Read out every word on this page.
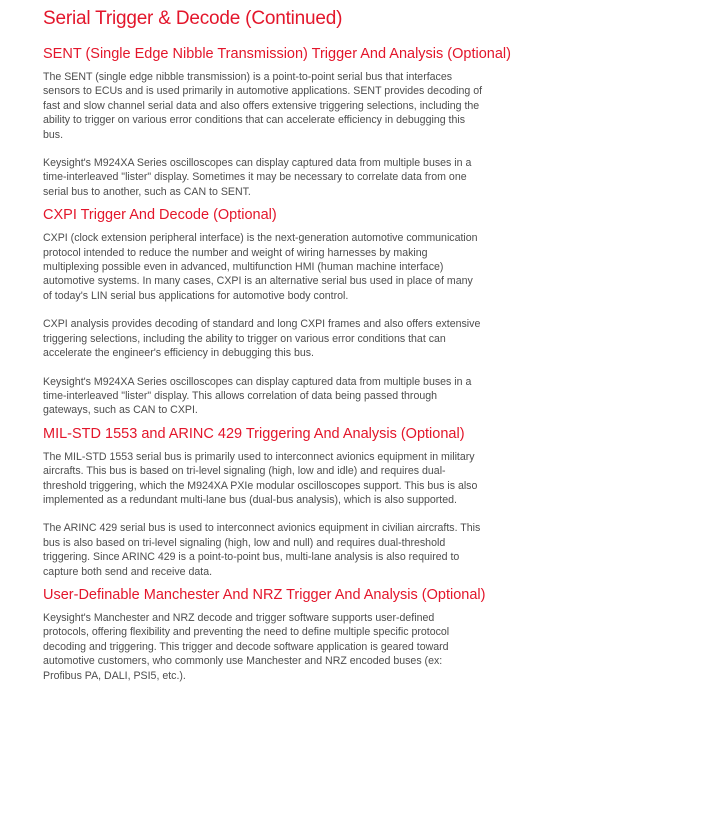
Serial Trigger & Decode (Continued)
SENT (Single Edge Nibble Transmission) Trigger And Analysis (Optional)

The SENT (single edge nibble transmission) is a point-to-point serial bus that interfaces sensors to ECUs and is used primarily in automotive applications. SENT provides decoding of fast and slow channel serial data and also offers extensive triggering selections, including the ability to trigger on various error conditions that can accelerate efficiency in debugging this bus.

Keysight's M924XA Series oscilloscopes can display captured data from multiple buses in a time-interleaved "lister" display. Sometimes it may be necessary to correlate data from one serial bus to another, such as CAN to SENT.

CXPI Trigger And Decode (Optional)

CXPI (clock extension peripheral interface) is the next-generation automotive communication protocol intended to reduce the number and weight of wiring harnesses by making multiplexing possible even in advanced, multifunction HMI (human machine interface) automotive systems. In many cases, CXPI is an alternative serial bus used in place of many of today's LIN serial bus applications for automotive body control.

CXPI analysis provides decoding of standard and long CXPI frames and also offers extensive triggering selections, including the ability to trigger on various error conditions that can accelerate the engineer's efficiency in debugging this bus.

Keysight's M924XA Series oscilloscopes can display captured data from multiple buses in a time-interleaved "lister" display. This allows correlation of data being passed through gateways, such as CAN to CXPI.

MIL-STD 1553 and ARINC 429 Triggering And Analysis (Optional)

The MIL-STD 1553 serial bus is primarily used to interconnect avionics equipment in military aircrafts. This bus is based on tri-level signaling (high, low and idle) and requires dual-threshold triggering, which the M924XA PXIe modular oscilloscopes support. This bus is also implemented as a redundant multi-lane bus (dual-bus analysis), which is also supported.

The ARINC 429 serial bus is used to interconnect avionics equipment in civilian aircrafts. This bus is also based on tri-level signaling (high, low and null) and requires dual-threshold triggering. Since ARINC 429 is a point-to-point bus, multi-lane analysis is also required to capture both send and receive data.

User-Definable Manchester And NRZ Trigger And Analysis (Optional)

Keysight's Manchester and NRZ decode and trigger software supports user-defined protocols, offering flexibility and preventing the need to define multiple specific protocol decoding and triggering. This trigger and decode software application is geared toward automotive customers, who commonly use Manchester and NRZ encoded buses (ex: Profibus PA, DALI, PSI5, etc.).
